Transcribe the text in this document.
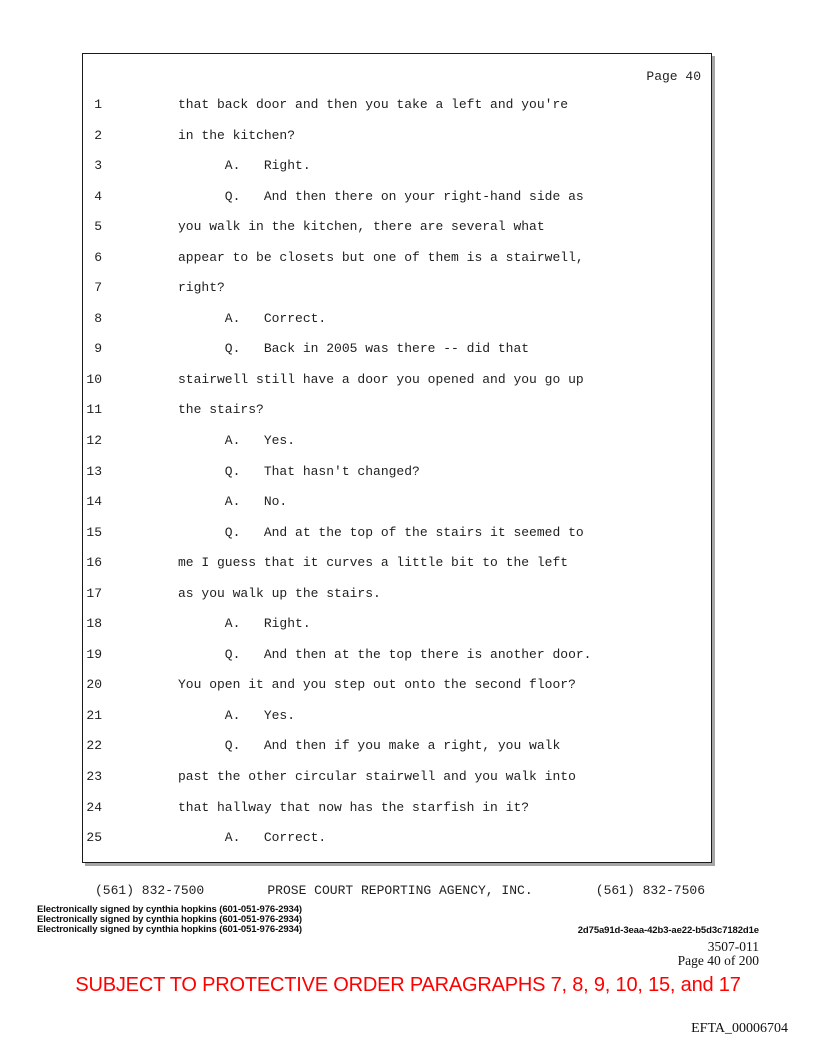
Page 40
1	that back door and then you take a left and you're
2	in the kitchen?
3	A.   Right.
4	Q.   And then there on your right-hand side as
5	you walk in the kitchen, there are several what
6	appear to be closets but one of them is a stairwell,
7	right?
8	A.   Correct.
9	Q.   Back in 2005 was there -- did that
10	stairwell still have a door you opened and you go up
11	the stairs?
12	A.   Yes.
13	Q.   That hasn't changed?
14	A.   No.
15	Q.   And at the top of the stairs it seemed to
16	me I guess that it curves a little bit to the left
17	as you walk up the stairs.
18	A.   Right.
19	Q.   And then at the top there is another door.
20	You open it and you step out onto the second floor?
21	A.   Yes.
22	Q.   And then if you make a right, you walk
23	past the other circular stairwell and you walk into
24	that hallway that now has the starfish in it?
25	A.   Correct.
(561) 832-7500	PROSE COURT REPORTING AGENCY, INC.	(561) 832-7506
Electronically signed by cynthia hopkins (601-051-976-2934)
Electronically signed by cynthia hopkins (601-051-976-2934)
Electronically signed by cynthia hopkins (601-051-976-2934)	2d75a91d-3eaa-42b3-ae22-b5d3c7182d1e
3507-011
Page 40 of 200
SUBJECT TO PROTECTIVE ORDER PARAGRAPHS 7, 8, 9, 10, 15, and 17
EFTA_00006704
